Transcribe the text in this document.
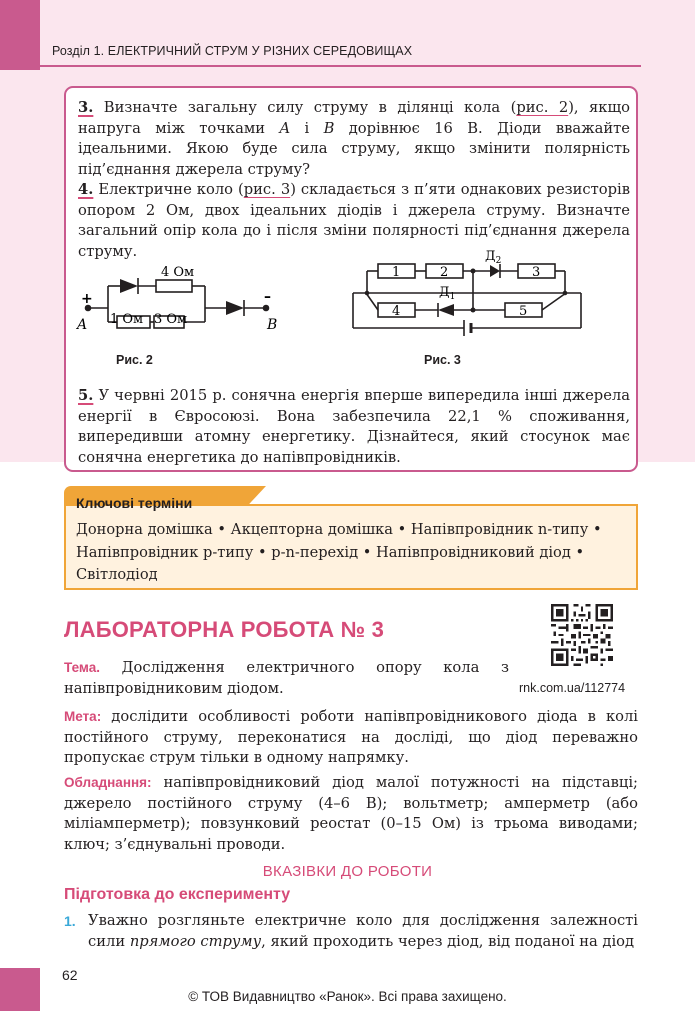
Розділ 1. ЕЛЕКТРИЧНИЙ СТРУМ У РІЗНИХ СЕРЕДОВИЩАХ
3. Визначте загальну силу струму в ділянці кола (рис. 2), якщо напруга між точками A і B дорівнює 16 В. Діоди вважайте ідеальними. Якою буде сила струму, якщо змінити полярність під’єднання джерела струму?
4. Електричне коло (рис. 3) складається з п’яти однакових резисторів опором 2 Ом, двох ідеальних діодів і джерела струму. Визначте загальний опір кола до і після зміни полярності під’єднання джерела струму.
4 Ом
1 Ом 3 Ом
+	–
A	B
1	2	3
4	5
$Д_2$
$Д_1$
Рис. 2	Рис. 3
5. У червні 2015 р. сонячна енергія вперше випередила інші джерела енергії в Євросоюзі. Вона забезпечила 22,1 % споживання, випередивши атомну енергетику. Дізнайтеся, який стосунок має сонячна енергетика до напівпровідників.
Ключові терміни
Донорна домішка • Акцепторна домішка • Напівпровідник n-типу • Напівпровідник p-типу • p-n-перехід • Напівпровідниковий діод • Світлодіод
ЛАБОРАТОРНА РОБОТА № 3
rnk.com.ua/112774
Тема. Дослідження електричного опору кола з напівпровідниковим діодом.
Мета: дослідити особливості роботи напівпровідникового діода в колі постійного струму, переконатися на досліді, що діод переважно пропускає струм тільки в одному напрямку.
Обладнання: напівпровідниковий діод малої потужності на підставці; джерело постійного струму (4–6 В); вольтметр; амперметр (або міліамперметр); повзунковий реостат (0–15 Ом) із трьома виводами; ключ; з’єднувальні проводи.
ВКАЗІВКИ ДО РОБОТИ
Підготовка до експерименту
1. Уважно розгляньте електричне коло для дослідження залежності сили прямого струму, який проходить через діод, від поданої на діод
62
© ТОВ Видавництво «Ранок». Всі права захищено.
